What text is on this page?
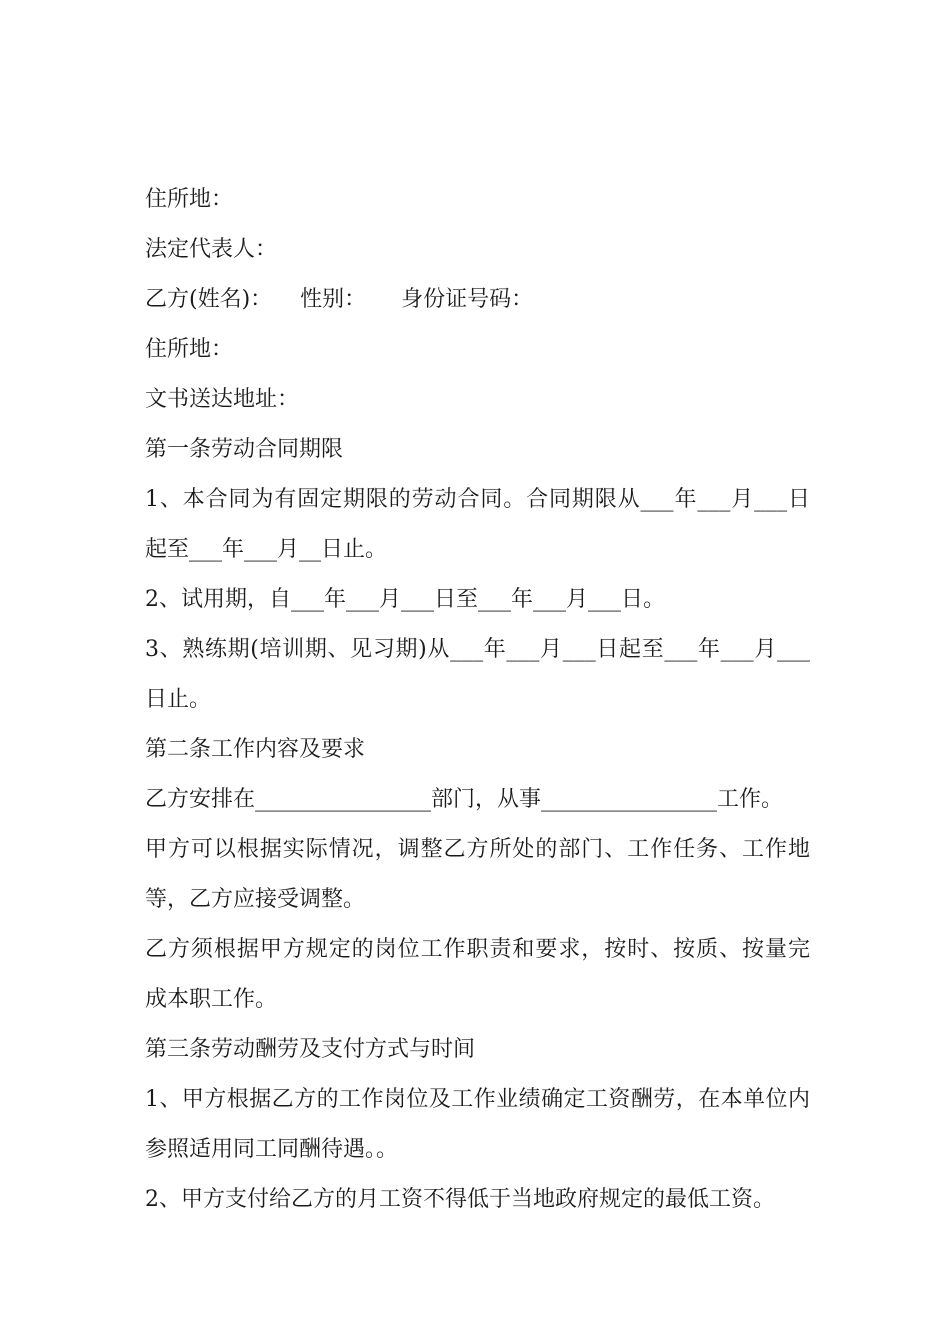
住所地：
法定代表人：
乙方(姓名)：    性别：     身份证号码：
住所地：
文书送达地址：
第一条劳动合同期限
1、本合同为有固定期限的劳动合同。合同期限从___年___月___日
起至___年___月__日止。
2、试用期，自___年___月___日至___年___月___日。
3、熟练期(培训期、见习期)从___年___月___日起至___年___月___
日止。
第二条工作内容及要求
乙方安排在________________部门，从事________________工作。
甲方可以根据实际情况，调整乙方所处的部门、工作任务、工作地
等，乙方应接受调整。
乙方须根据甲方规定的岗位工作职责和要求，按时、按质、按量完
成本职工作。
第三条劳动酬劳及支付方式与时间
1、甲方根据乙方的工作岗位及工作业绩确定工资酬劳，在本单位内
参照适用同工同酬待遇。。
2、甲方支付给乙方的月工资不得低于当地政府规定的最低工资。
